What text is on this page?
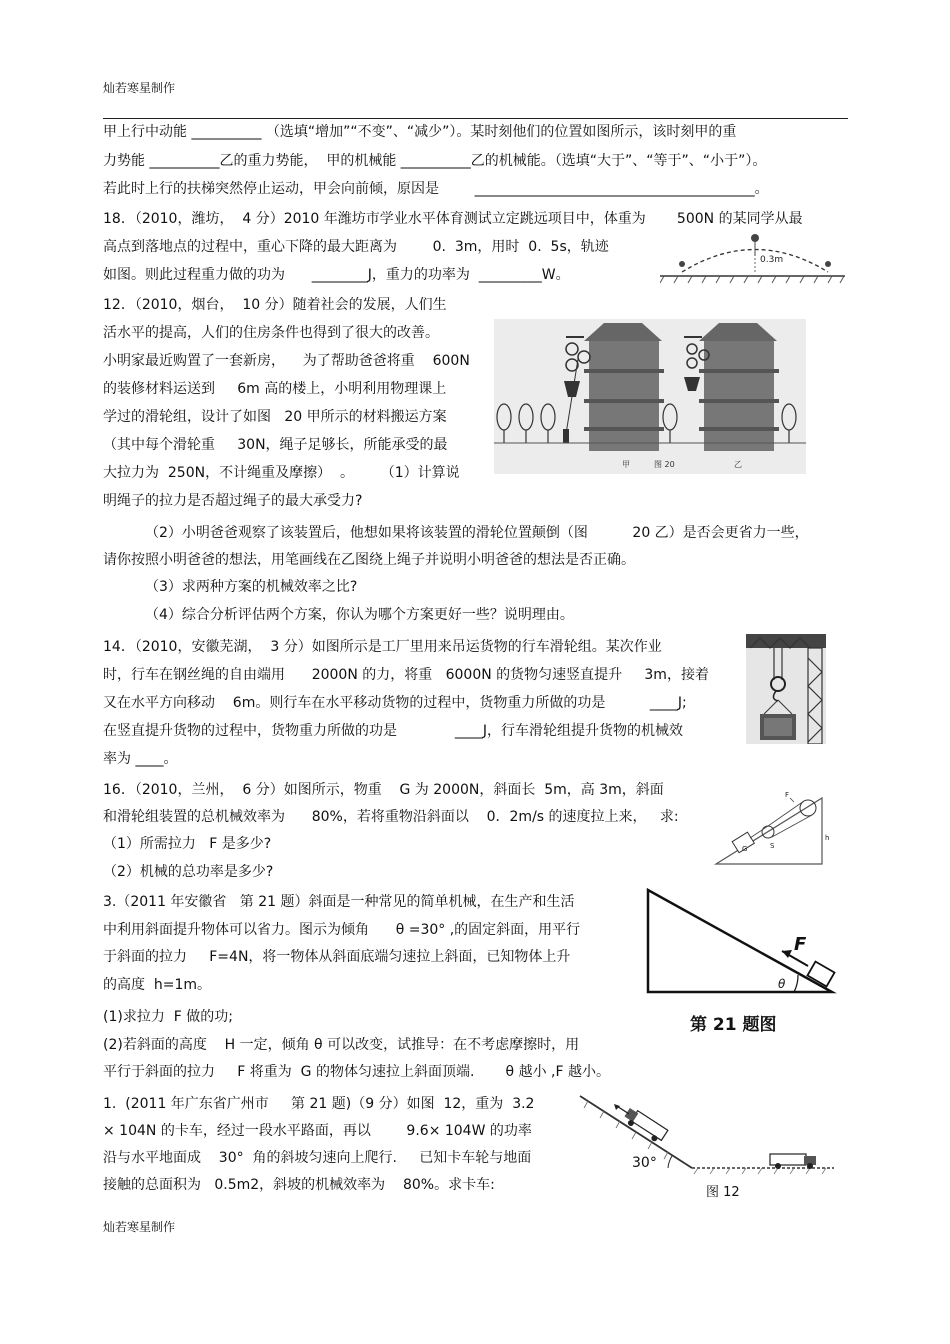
灿若寒星制作
甲上行中动能 __________ （选填“增加”“不变”、“减少”）。某时刻他们的位置如图所示，该时刻甲的重
力势能 __________乙的重力势能，  甲的机械能 __________乙的机械能。（选填“大于”、“等于”、“小于”）。
若此时上行的扶梯突然停止运动，甲会向前倾，原因是        ________________________________________。
18．（2010，潍坊，  4 分）2010 年潍坊市学业水平体育测试立定跳远项目中，体重为       500N 的某同学从最
高点到落地点的过程中，重心下降的最大距离为        0.  3m，用时  0.  5s，轨迹
如图。则此过程重力做的功为      ________J，重力的功率为  _________W。
0.3m
12．（2010，烟台，  10 分）随着社会的发展，人们生
活水平的提高，人们的住房条件也得到了很大的改善。
小明家最近购置了一套新房，    为了帮助爸爸将重    600N
的装修材料运送到     6m 高的楼上，小明利用物理课上
学过的滑轮组，设计了如图   20 甲所示的材料搬运方案
（其中每个滑轮重     30N，绳子足够长，所能承受的最
大拉力为  250N，不计绳重及摩擦）  。      （1）计算说
明绳子的拉力是否超过绳子的最大承受力?
甲	图 20	乙
（2）小明爸爸观察了该装置后，他想如果将该装置的滑轮位置颠倒（图          20 乙）是否会更省力一些，
请你按照小明爸爸的想法，用笔画线在乙图绕上绳子并说明小明爸爸的想法是否正确。
（3）求两种方案的机械效率之比?
（4）综合分析评估两个方案，你认为哪个方案更好一些？说明理由。
14．（2010，安徽芜湖，  3 分）如图所示是工厂里用来吊运货物的行车滑轮组。某次作业
时，行车在钢丝绳的自由端用      2000N 的力，将重   6000N 的货物匀速竖直提升     3m，接着
又在水平方向移动    6m。则行车在水平移动货物的过程中，货物重力所做的功是          ____J;
在竖直提升货物的过程中，货物重力所做的功是             ____J，行车滑轮组提升货物的机械效
率为 ____。
16．（2010，兰州，  6 分）如图所示，物重    G 为 2000N，斜面长  5m，高 3m，斜面
和滑轮组装置的总机械效率为      80%，若将重物沿斜面以    0．2m/s 的速度拉上来，   求:
（1）所需拉力   F 是多少?
（2）机械的总功率是多少?
F
G	S
h
3.（2011 年安徽省   第 21 题）斜面是一种常见的简单机械，在生产和生活
中利用斜面提升物体可以省力。图示为倾角      θ =30° ,的固定斜面，用平行
于斜面的拉力     F=4N，将一物体从斜面底端匀速拉上斜面，已知物体上升
的高度  h=1m。
(1)求拉力  F 做的功;
(2)若斜面的高度    H 一定，倾角 θ 可以改变，试推导：在不考虑摩擦时，用
平行于斜面的拉力     F 将重为  G 的物体匀速拉上斜面顶端.       θ 越小 ,F 越小。
F
θ
第 21 题图
1.  (2011 年广东省广州市     第 21 题)（9 分）如图  12，重为  3.2
× 104N 的卡车，经过一段水平路面，再以        9.6× 104W 的功率
沿与水平地面成    30°  角的斜坡匀速向上爬行.     已知卡车轮与地面
接触的总面积为   0.5m2，斜坡的机械效率为    80%。求卡车:
30°
图 12
灿若寒星制作
